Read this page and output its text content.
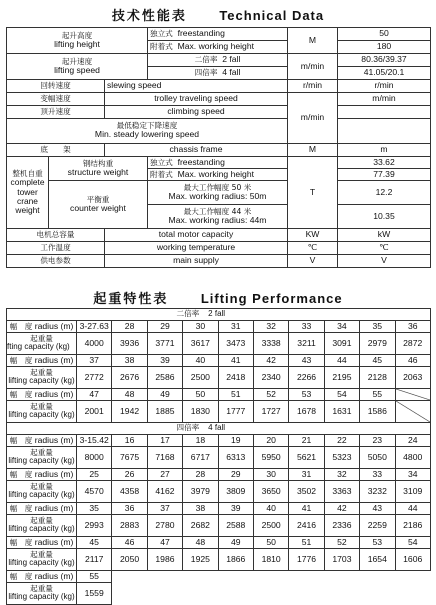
技术性能表 Technical Data
起升高度
lifting height			独立式 freestanding	M	50
			附着式 Max. working height		180

起升速度
lifting speed			二倍率 2 fall	m/min	80.36/39.37
			四倍率 4 fall		41.05/20.1
回转速度		slewing speed		r/min	r/min
变幅速度		trolley traveling speed		m/min	m/min
顶升速度		climbing speed			

最低稳定下降速度
Min. steady lowering speed					

底　　架		chassis frame		M	m

整机自重
complete
tower
crane
weight	钢结构重
structure weight		独立式 freestanding	T	33.62
			附着式 Max. working height		77.39

	平衡重
counter weight		最大工作幅度 50 米
Max. working radius: 50m		12.2

			最大工作幅度 44 米
Max. working radius: 44m		10.35

电机总容量		total motor capacity		KW	kW
工作温度		working temperature		℃	℃
供电参数		main supply		V	V
起重特性表 Lifting Performance
	二倍率 2 fall									
幅　度 radius (m)	3-27.63	28	29	30	31	32	33	34	35	36

起重量
fting capacity (kg)	4000	3936	3771	3617	3473	3338	3211	3091	2979	2872
幅　度 radius (m)	37	38	39	40	41	42	43	44	45	46

起重量
lifting capacity (kg)	2772	2676	2586	2500	2418	2340	2266	2195	2128	2063
幅　度 radius (m)	47	48	49	50	51	52	53	54	55	

起重量
lifting capacity (kg)	2001	1942	1885	1830	1777	1727	1678	1631	1586	
	四倍率 4 fall									
幅　度 radius (m)	3-15.42	16	17	18	19	20	21	22	23	24

起重量
lifting capacity (kg)	8000	7675	7168	6717	6313	5950	5621	5323	5050	4800
幅　度 radius (m)	25	26	27	28	29	30	31	32	33	34

起重量
lifting capacity (kg)	4570	4358	4162	3979	3809	3650	3502	3363	3232	3109
幅　度 radius (m)	35	36	37	38	39	40	41	42	43	44

起重量
lifting capacity (kg)	2993	2883	2780	2682	2588	2500	2416	2336	2259	2186
幅　度 radius (m)	45	46	47	48	49	50	51	52	53	54

起重量
lifting capacity (kg)	2117	2050	1986	1925	1866	1810	1776	1703	1654	1606
幅　度 radius (m)	55									

起重量
lifting capacity (kg)	1559									
